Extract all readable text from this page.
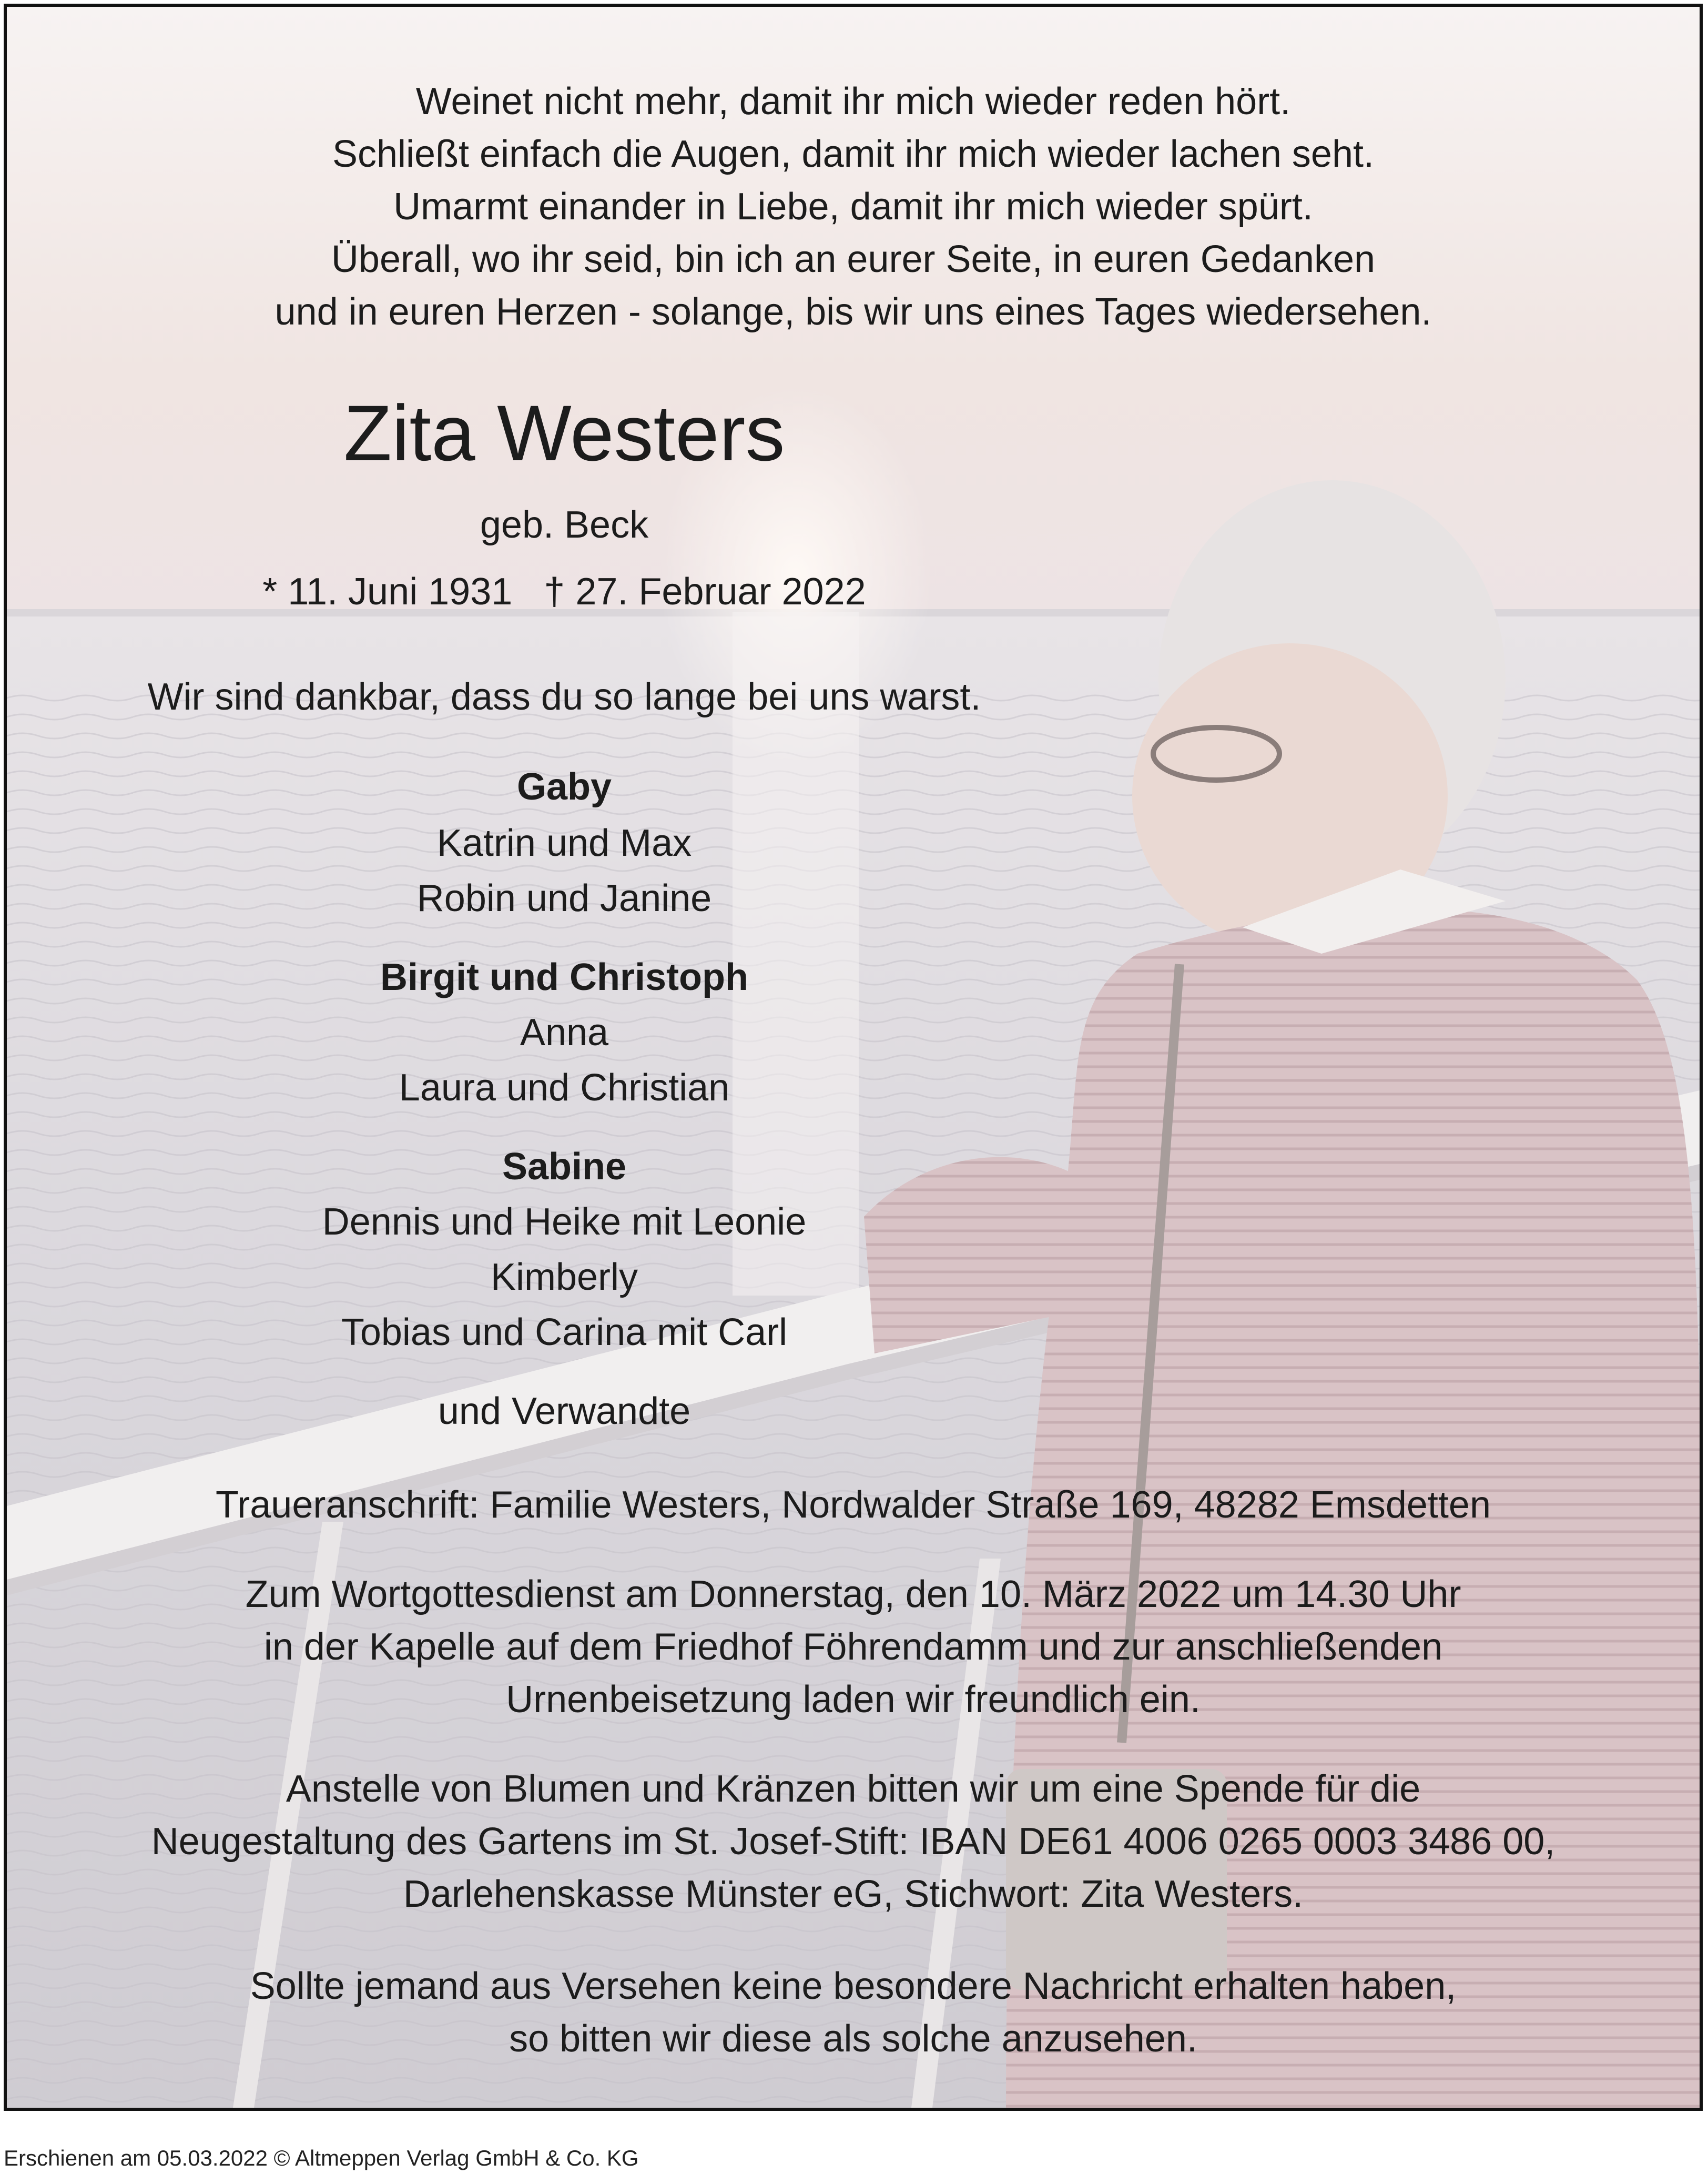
Weinet nicht mehr, damit ihr mich wieder reden hört.
Schließt einfach die Augen, damit ihr mich wieder lachen seht.
Umarmt einander in Liebe, damit ihr mich wieder spürt.
Überall, wo ihr seid, bin ich an eurer Seite, in euren Gedanken
und in euren Herzen - solange, bis wir uns eines Tages wiedersehen.
Zita Westers
geb. Beck
* 11. Juni 1931 † 27. Februar 2022
Wir sind dankbar, dass du so lange bei uns warst.
Gaby
Katrin und Max
Robin und Janine
Birgit und Christoph
Anna
Laura und Christian
Sabine
Dennis und Heike mit Leonie
Kimberly
Tobias und Carina mit Carl
und Verwandte
Traueranschrift: Familie Westers, Nordwalder Straße 169, 48282 Emsdetten
Zum Wortgottesdienst am Donnerstag, den 10. März 2022 um 14.30 Uhr
in der Kapelle auf dem Friedhof Föhrendamm und zur anschließenden
Urnenbeisetzung laden wir freundlich ein.
Anstelle von Blumen und Kränzen bitten wir um eine Spende für die
Neugestaltung des Gartens im St. Josef-Stift: IBAN DE61 4006 0265 0003 3486 00,
Darlehenskasse Münster eG, Stichwort: Zita Westers.
Sollte jemand aus Versehen keine besondere Nachricht erhalten haben,
so bitten wir diese als solche anzusehen.
Erschienen am 05.03.2022 © Altmeppen Verlag GmbH & Co. KG
